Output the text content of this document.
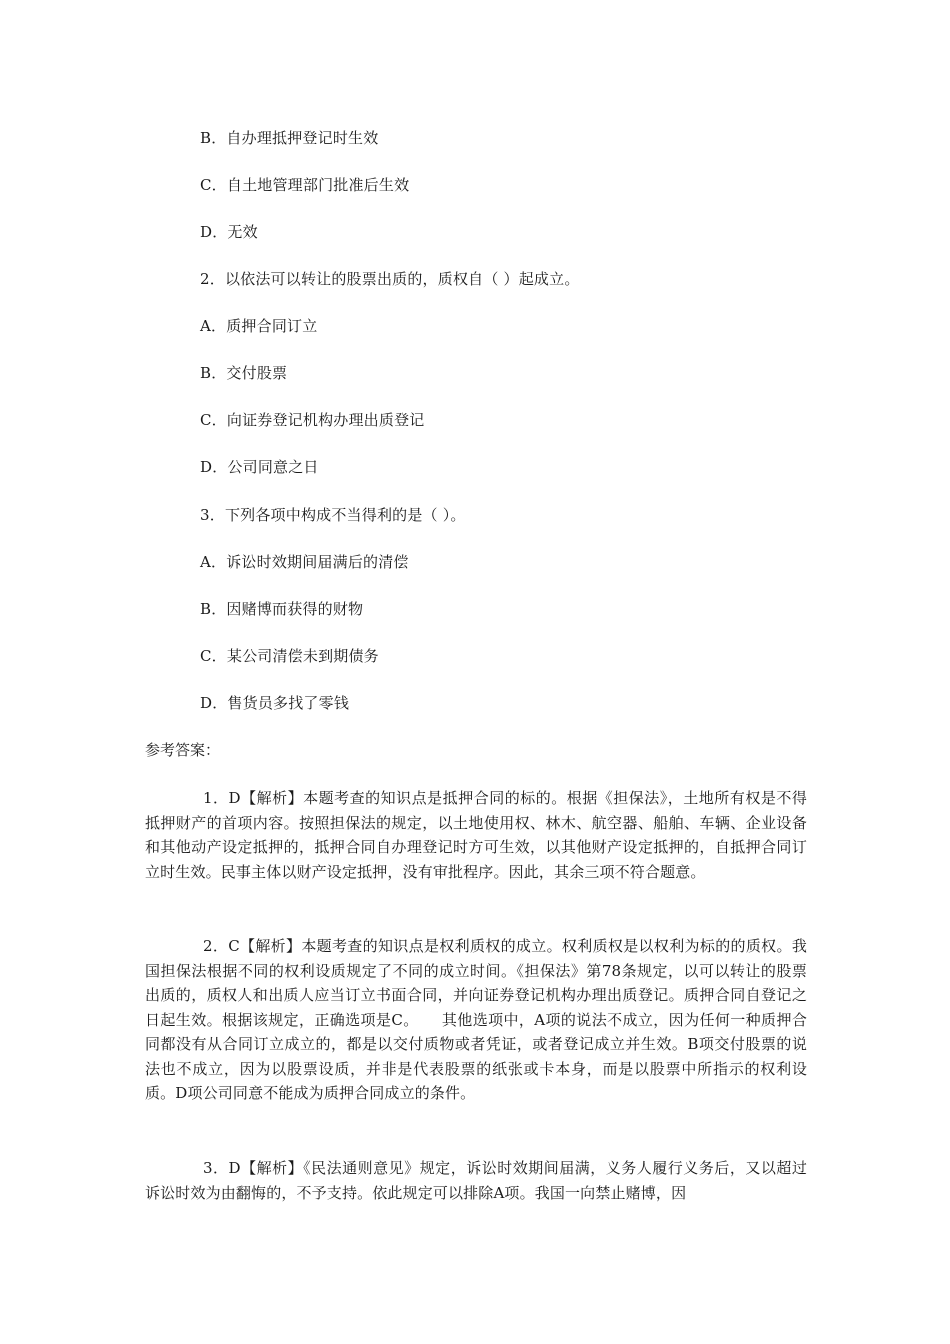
B．自办理抵押登记时生效
C．自土地管理部门批准后生效
D．无效
2．以依法可以转让的股票出质的，质权自（ ）起成立。
A．质押合同订立
B．交付股票
C．向证券登记机构办理出质登记
D．公司同意之日
3．下列各项中构成不当得利的是（ ）。
A．诉讼时效期间届满后的清偿
B．因赌博而获得的财物
C．某公司清偿未到期债务
D．售货员多找了零钱
参考答案：
1．D【解析】本题考查的知识点是抵押合同的标的。根据《担保法》，土地所有权是不得抵押财产的首项内容。按照担保法的规定，以土地使用权、林木、航空器、船舶、车辆、企业设备和其他动产设定抵押的，抵押合同自办理登记时方可生效，以其他财产设定抵押的，自抵押合同订立时生效。民事主体以财产设定抵押，没有审批程序。因此，其余三项不符合题意。
2．C【解析】本题考查的知识点是权利质权的成立。权利质权是以权利为标的的质权。我国担保法根据不同的权利设质规定了不同的成立时间。《担保法》第78条规定，以可以转让的股票出质的，质权人和出质人应当订立书面合同，并向证券登记机构办理出质登记。质押合同自登记之日起生效。根据该规定，正确选项是C。　　其他选项中，A项的说法不成立，因为任何一种质押合同都没有从合同订立成立的，都是以交付质物或者凭证，或者登记成立并生效。B项交付股票的说法也不成立，因为以股票设质，并非是代表股票的纸张或卡本身，而是以股票中所指示的权利设质。D项公司同意不能成为质押合同成立的条件。
3．D【解析】《民法通则意见》规定，诉讼时效期间届满，义务人履行义务后，又以超过诉讼时效为由翻悔的，不予支持。依此规定可以排除A项。我国一向禁止赌博，因
